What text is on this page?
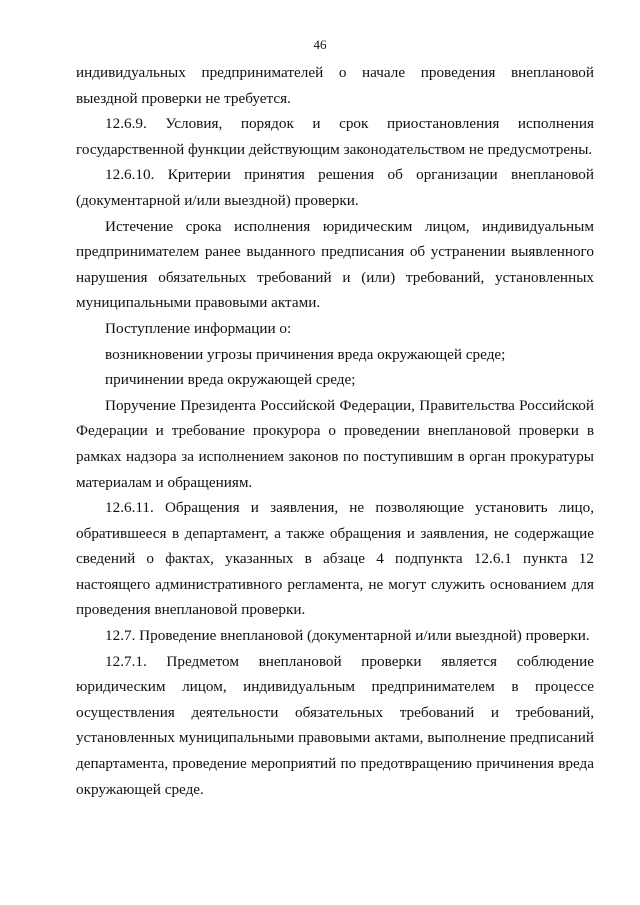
46

индивидуальных предпринимателей о начале проведения внеплановой выездной проверки не требуется.

12.6.9. Условия, порядок и срок приостановления исполнения государственной функции действующим законодательством не предусмотрены.

12.6.10. Критерии принятия решения об организации внеплановой (документарной и/или выездной) проверки.

Истечение срока исполнения юридическим лицом, индивидуальным предпринимателем ранее выданного предписания об устранении выявленного нарушения обязательных требований и (или) требований, установленных муниципальными правовыми актами.

Поступление информации о:

возникновении угрозы причинения вреда окружающей среде;

причинении вреда окружающей среде;

Поручение Президента Российской Федерации, Правительства Российской Федерации и требование прокурора о проведении внеплановой проверки в рамках надзора за исполнением законов по поступившим в орган прокуратуры материалам и обращениям.

12.6.11. Обращения и заявления, не позволяющие установить лицо, обратившееся в департамент, а также обращения и заявления, не содержащие сведений о фактах, указанных в абзаце 4 подпункта 12.6.1 пункта 12 настоящего административного регламента, не могут служить основанием для проведения внеплановой проверки.

12.7. Проведение внеплановой (документарной и/или выездной) проверки.

12.7.1. Предметом внеплановой проверки является соблюдение юридическим лицом, индивидуальным предпринимателем в процессе осуществления деятельности обязательных требований и требований, установленных муниципальными правовыми актами, выполнение предписаний департамента, проведение мероприятий по предотвращению причинения вреда окружающей среде.
